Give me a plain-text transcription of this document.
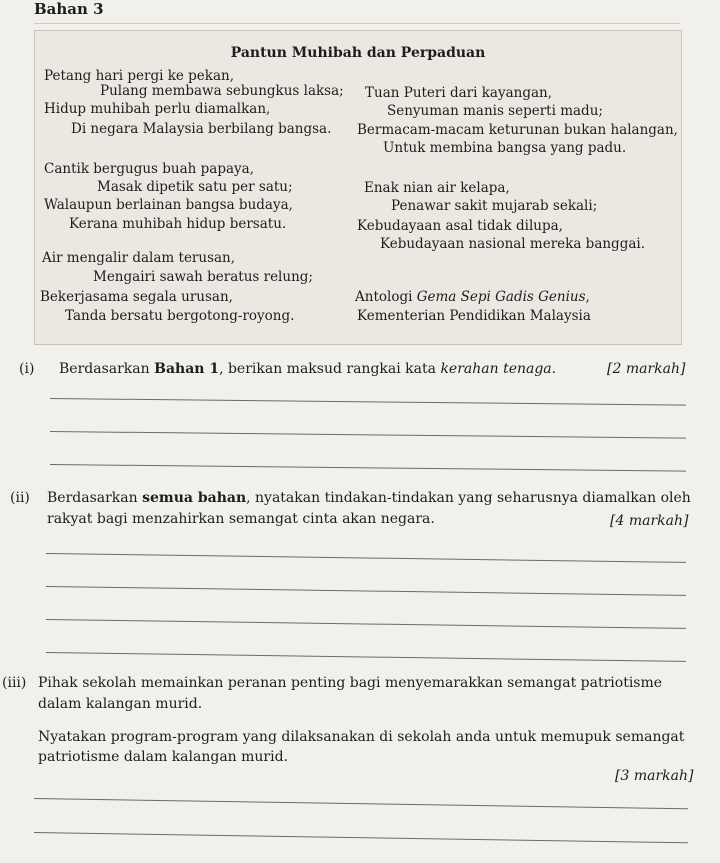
Bahan 3
Pantun Muhibah dan Perpaduan
Petang hari pergi ke pekan,
Pulang membawa sebungkus laksa;
Hidup muhibah perlu diamalkan,
Di negara Malaysia berbilang bangsa.
Cantik bergugus buah papaya,
Masak dipetik satu per satu;
Walaupun berlainan bangsa budaya,
Kerana muhibah hidup bersatu.
Air mengalir dalam terusan,
Mengairi sawah beratus relung;
Bekerjasama segala urusan,
Tanda bersatu bergotong-royong.
Tuan Puteri dari kayangan,
Senyuman manis seperti madu;
Bermacam-macam keturunan bukan halangan,
Untuk membina bangsa yang padu.
Enak nian air kelapa,
Penawar sakit mujarab sekali;
Kebudayaan asal tidak dilupa,
Kebudayaan nasional mereka banggai.
Antologi Gema Sepi Gadis Genius,
Kementerian Pendidikan Malaysia
(i) Berdasarkan Bahan 1, berikan maksud rangkai kata kerahan tenaga.	[2 markah]
(ii) Berdasarkan semua bahan, nyatakan tindakan-tindakan yang seharusnya diamalkan oleh
rakyat bagi menzahirkan semangat cinta akan negara.	[4 markah]
(iii) Pihak sekolah memainkan peranan penting bagi menyemarakkan semangat patriotisme
dalam kalangan murid.
Nyatakan program-program yang dilaksanakan di sekolah anda untuk memupuk semangat
patriotisme dalam kalangan murid.
[3 markah]
